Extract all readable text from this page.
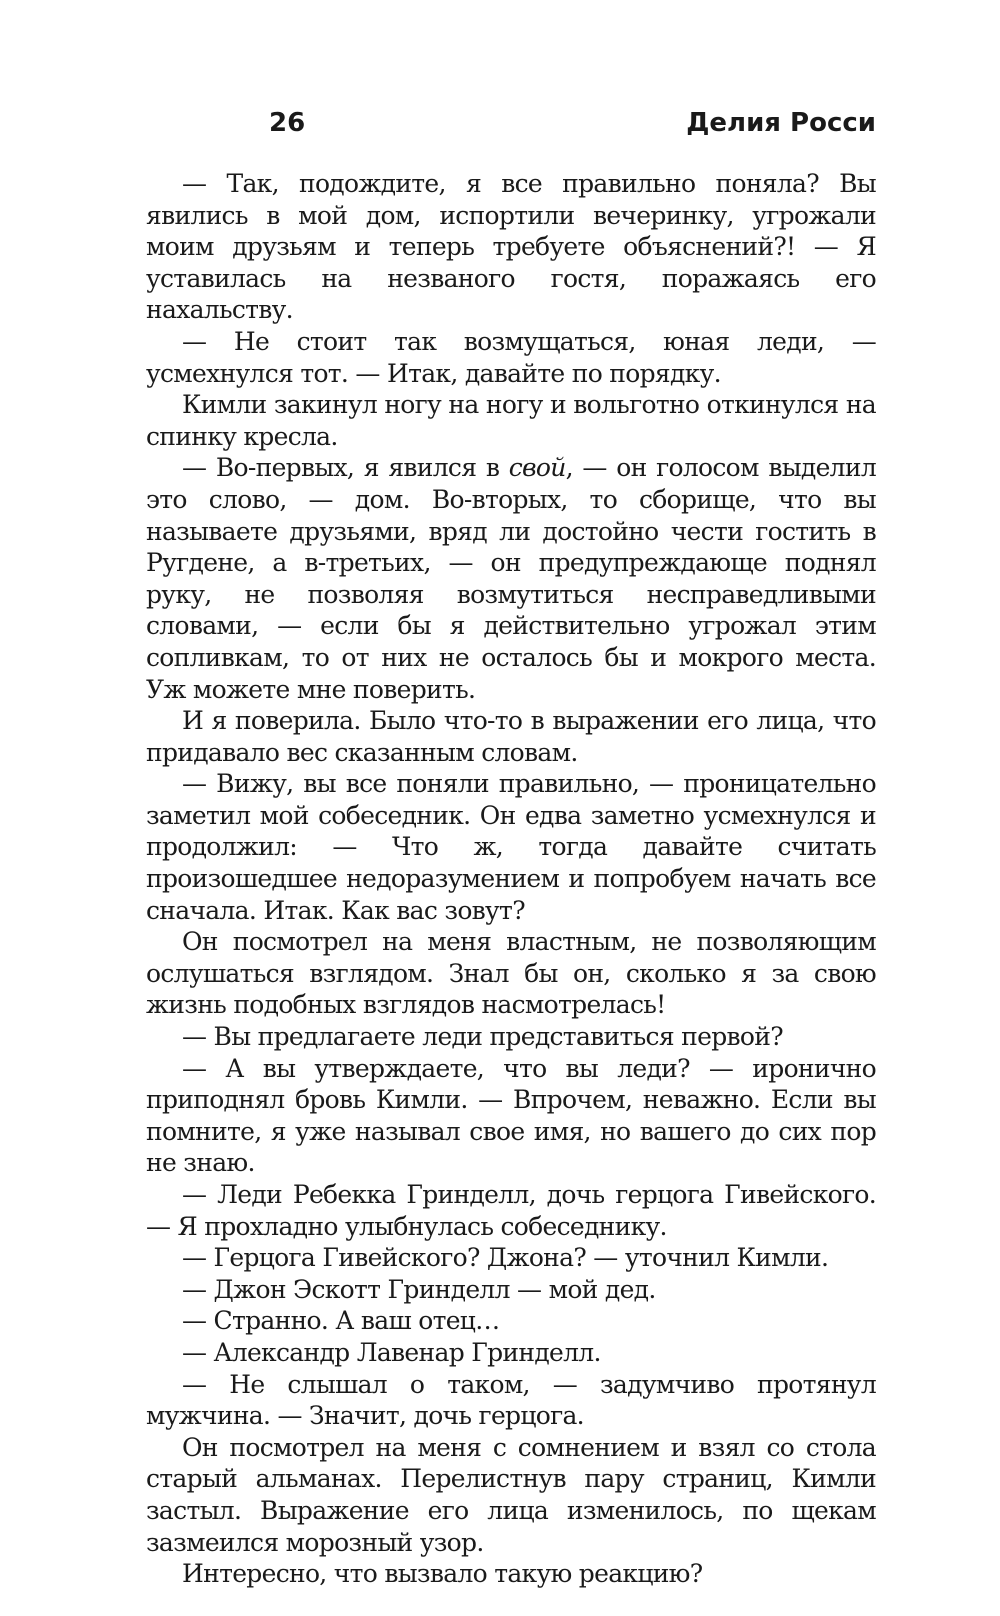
26	Делия Росси

— Так, подождите, я все правильно поняла? Вы явились в мой дом, испортили вечеринку, угрожали моим друзьям и теперь требуете объяснений?! — Я уставилась на незваного гостя, поражаясь его нахальству.

— Не стоит так возмущаться, юная леди, — усмехнулся тот. — Итак, давайте по порядку.

Кимли закинул ногу на ногу и вольготно откинулся на спинку кресла.

— Во-первых, я явился в свой, — он голосом выделил это слово, — дом. Во-вторых, то сборище, что вы называете друзьями, вряд ли достойно чести гостить в Ругдене, а в-третьих, — он предупреждающе поднял руку, не позволяя возмутиться несправедливыми словами, — если бы я действительно угрожал этим сопливкам, то от них не осталось бы и мокрого места. Уж можете мне поверить.

И я поверила. Было что-то в выражении его лица, что придавало вес сказанным словам.

— Вижу, вы все поняли правильно, — проницательно заметил мой собеседник. Он едва заметно усмехнулся и продолжил: — Что ж, тогда давайте считать произошедшее недоразумением и попробуем начать все сначала. Итак. Как вас зовут?

Он посмотрел на меня властным, не позволяющим ослушаться взглядом. Знал бы он, сколько я за свою жизнь подобных взглядов насмотрелась!

— Вы предлагаете леди представиться первой?

— А вы утверждаете, что вы леди? — иронично приподнял бровь Кимли. — Впрочем, неважно. Если вы помните, я уже называл свое имя, но вашего до сих пор не знаю.

— Леди Ребекка Гринделл, дочь герцога Гивейского. — Я прохладно улыбнулась собеседнику.

— Герцога Гивейского? Джона? — уточнил Кимли.

— Джон Эскотт Гринделл — мой дед.

— Странно. А ваш отец…

— Александр Лавенар Гринделл.

— Не слышал о таком, — задумчиво протянул мужчина. — Значит, дочь герцога.

Он посмотрел на меня с сомнением и взял со стола старый альманах. Перелистнув пару страниц, Кимли застыл. Выражение его лица изменилось, по щекам зазмеился морозный узор.

Интересно, что вызвало такую реакцию?
